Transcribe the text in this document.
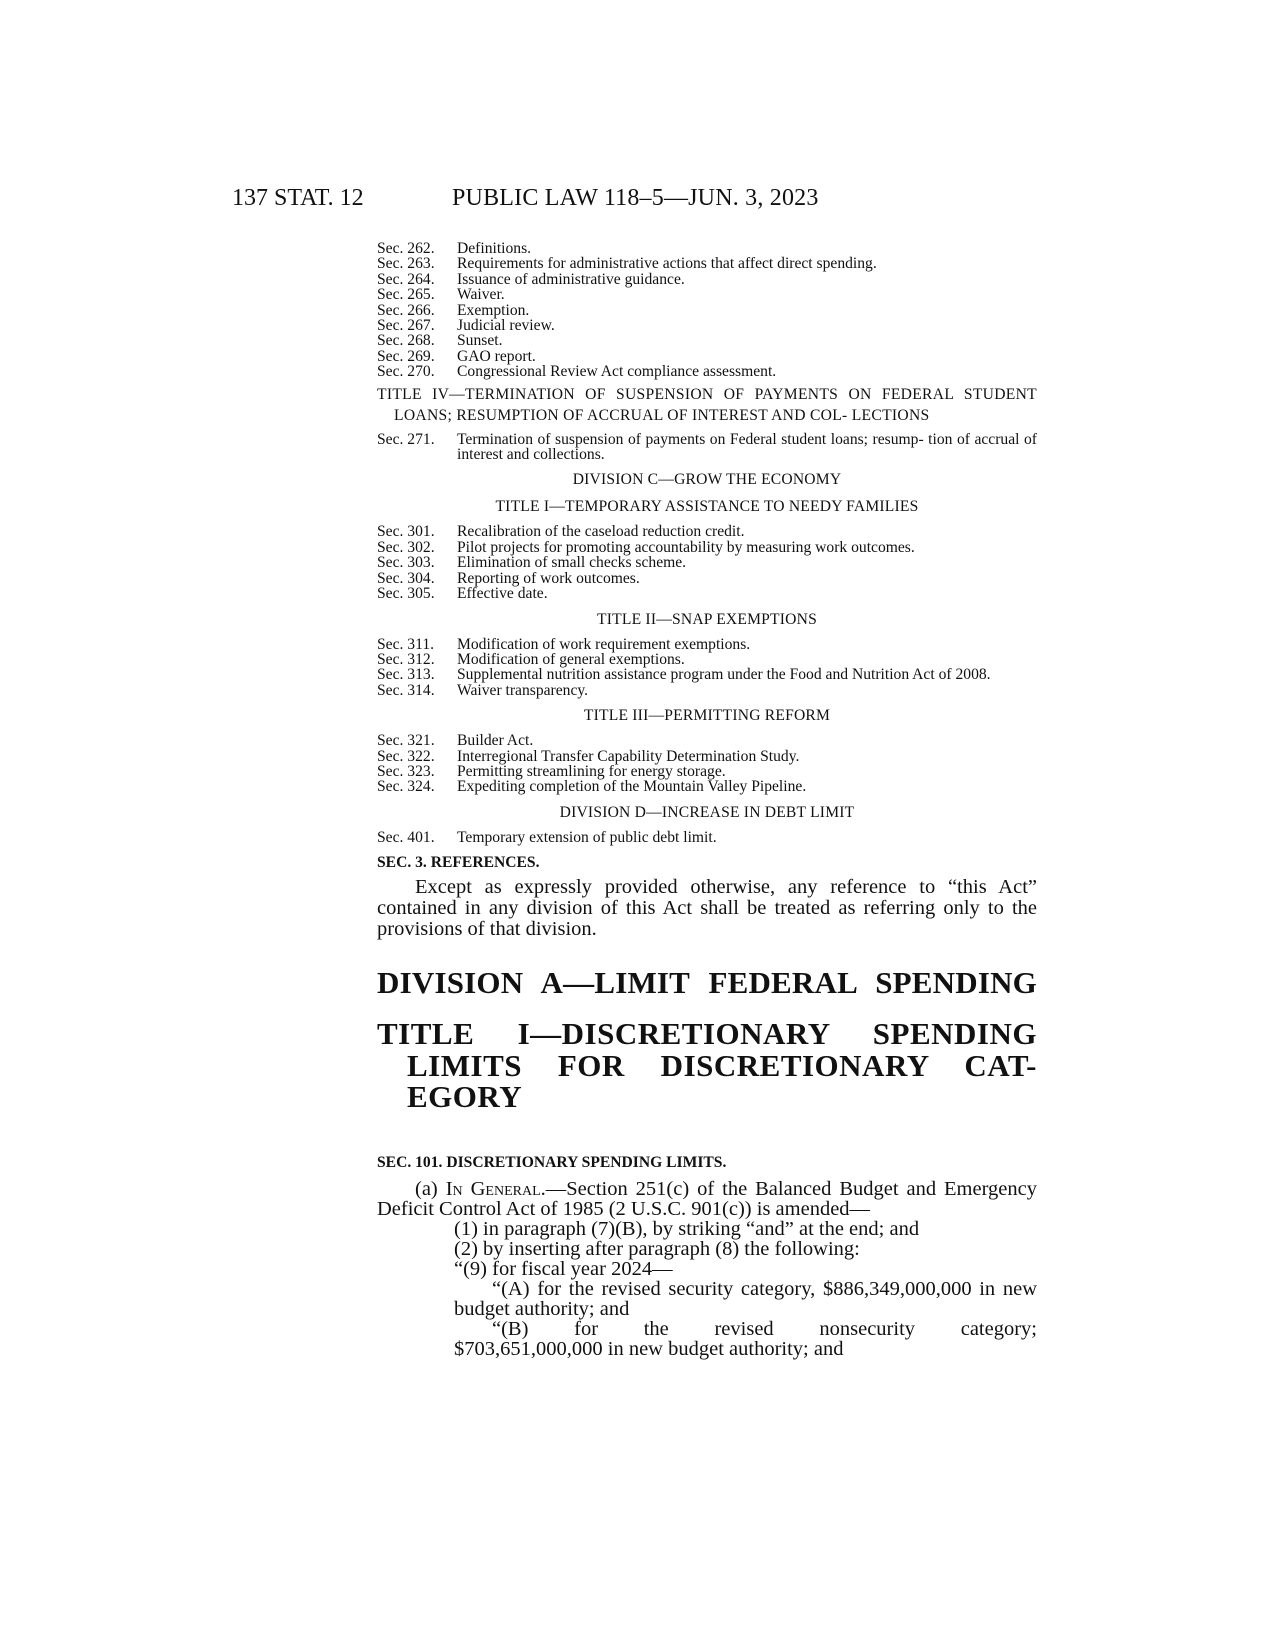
137 STAT. 12	PUBLIC LAW 118–5—JUN. 3, 2023
Sec. 262.	Definitions.
Sec. 263.	Requirements for administrative actions that affect direct spending.
Sec. 264.	Issuance of administrative guidance.
Sec. 265.	Waiver.
Sec. 266.	Exemption.
Sec. 267.	Judicial review.
Sec. 268.	Sunset.
Sec. 269.	GAO report.
Sec. 270.	Congressional Review Act compliance assessment.
TITLE IV—TERMINATION OF SUSPENSION OF PAYMENTS ON FEDERAL STUDENT LOANS; RESUMPTION OF ACCRUAL OF INTEREST AND COL- LECTIONS
Sec. 271.	Termination of suspension of payments on Federal student loans; resump- tion of accrual of interest and collections.
DIVISION C—GROW THE ECONOMY
TITLE I—TEMPORARY ASSISTANCE TO NEEDY FAMILIES
Sec. 301.	Recalibration of the caseload reduction credit.
Sec. 302.	Pilot projects for promoting accountability by measuring work outcomes.
Sec. 303.	Elimination of small checks scheme.
Sec. 304.	Reporting of work outcomes.
Sec. 305.	Effective date.
TITLE II—SNAP EXEMPTIONS
Sec. 311.	Modification of work requirement exemptions.
Sec. 312.	Modification of general exemptions.
Sec. 313.	Supplemental nutrition assistance program under the Food and Nutrition Act of 2008.
Sec. 314.	Waiver transparency.
TITLE III—PERMITTING REFORM
Sec. 321.	Builder Act.
Sec. 322.	Interregional Transfer Capability Determination Study.
Sec. 323.	Permitting streamlining for energy storage.
Sec. 324.	Expediting completion of the Mountain Valley Pipeline.
DIVISION D—INCREASE IN DEBT LIMIT
Sec. 401.	Temporary extension of public debt limit.
SEC. 3. REFERENCES.
Except as expressly provided otherwise, any reference to “this Act” contained in any division of this Act shall be treated as referring only to the provisions of that division.
DIVISION A—LIMIT FEDERAL SPENDING
TITLE I—DISCRETIONARY SPENDING LIMITS FOR DISCRETIONARY CAT- EGORY
SEC. 101. DISCRETIONARY SPENDING LIMITS.
(a) In General.—Section 251(c) of the Balanced Budget and Emergency Deficit Control Act of 1985 (2 U.S.C. 901(c)) is amended—
(1) in paragraph (7)(B), by striking “and” at the end; and
(2) by inserting after paragraph (8) the following:
“(9) for fiscal year 2024—
“(A) for the revised security category, $886,349,000,000 in new budget authority; and
“(B)  for  the  revised  nonsecurity  category;
$703,651,000,000 in new budget authority; and
